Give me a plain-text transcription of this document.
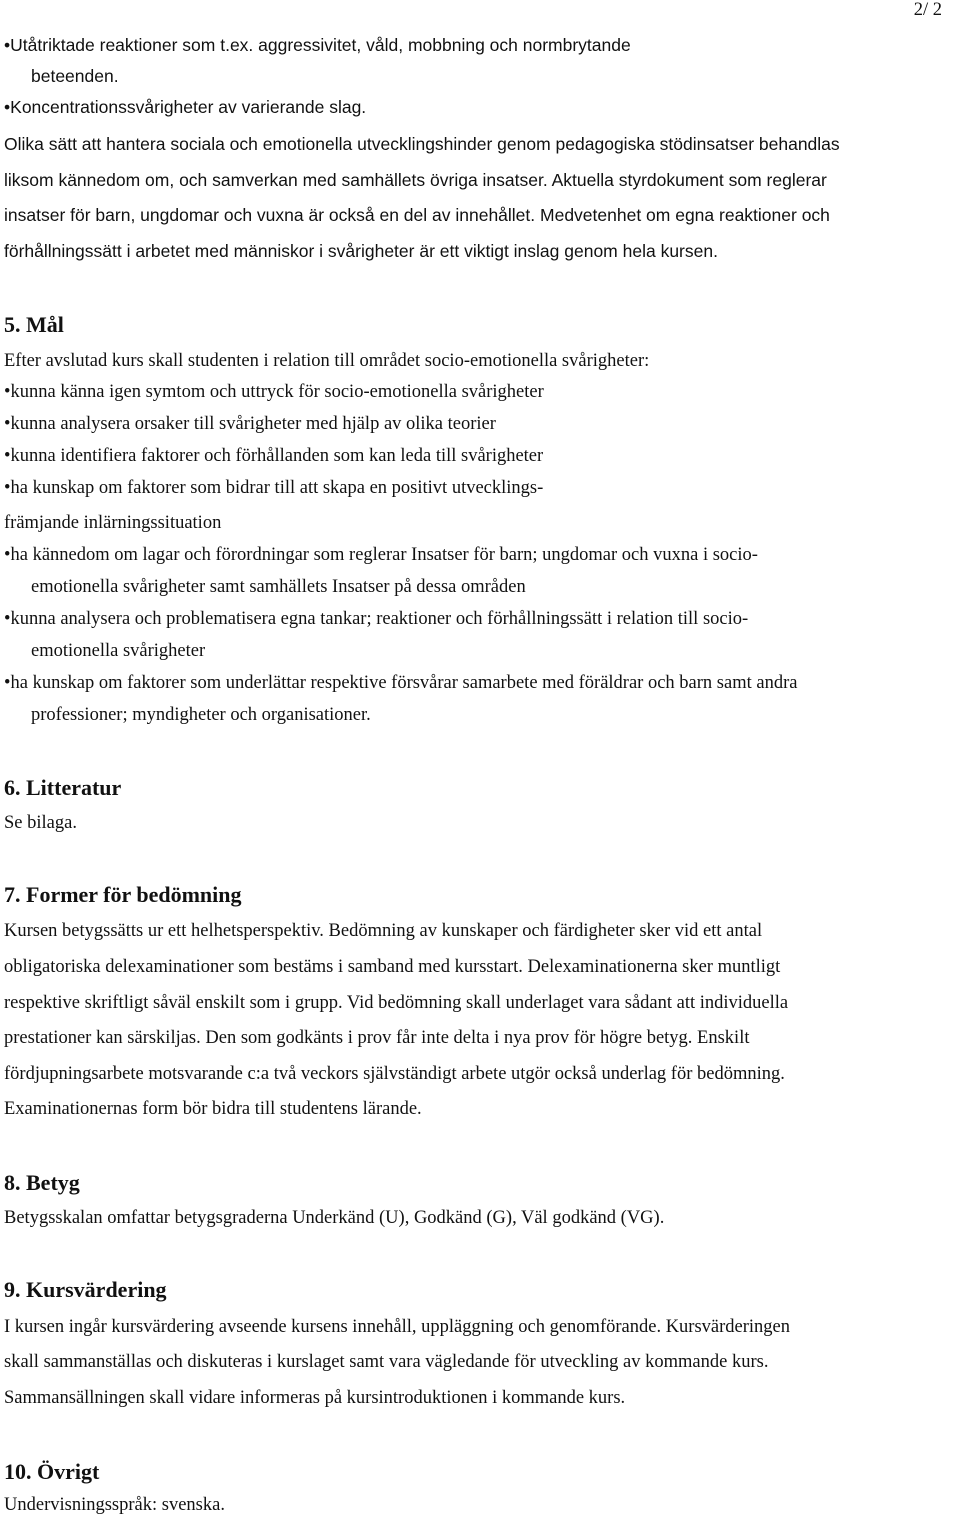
2/ 2

• Utåtriktade reaktioner som t.ex. aggressivitet, våld, mobbning och normbrytande

beteenden.

• Koncentrationssvårigheter av varierande slag.

Olika sätt att hantera sociala och emotionella utvecklingshinder genom pedagogiska stödinsatser behandlas

liksom kännedom om, och samverkan med samhällets övriga insatser. Aktuella styrdokument som reglerar

insatser för barn, ungdomar och vuxna är också en del av innehållet. Medvetenhet om egna reaktioner och

förhållningssätt i arbetet med människor i svårigheter är ett viktigt inslag genom hela kursen.

5. Mål

Efter avslutad kurs skall studenten i relation till området socio-emotionella svårigheter:

• kunna känna igen symtom och uttryck för socio-emotionella svårigheter

• kunna analysera orsaker till svårigheter med hjälp av olika teorier

• kunna identifiera faktorer och förhållanden som kan leda till svårigheter

• ha kunskap om faktorer som bidrar till att skapa en positivt utvecklings-

främjande inlärningssituation

• ha kännedom om lagar och förordningar som reglerar Insatser för barn; ungdomar och vuxna i socio-

emotionella svårigheter samt samhällets Insatser på dessa områden

• kunna analysera och problematisera egna tankar; reaktioner och förhållningssätt i relation till socio-

emotionella svårigheter

• ha kunskap om faktorer som underlättar respektive försvårar samarbete med föräldrar och barn samt andra

professioner; myndigheter och organisationer.

6. Litteratur

Se bilaga.

7. Former för bedömning

Kursen betygssätts ur ett helhetsperspektiv. Bedömning av kunskaper och färdigheter sker vid ett antal

obligatoriska delexaminationer som bestäms i samband med kursstart. Delexaminationerna sker muntligt

respektive skriftligt såväl enskilt som i grupp. Vid bedömning skall underlaget vara sådant att individuella

prestationer kan särskiljas. Den som godkänts i prov får inte delta i nya prov för högre betyg. Enskilt

fördjupningsarbete motsvarande c:a två veckors självständigt arbete utgör också underlag för bedömning.

Examinationernas form bör bidra till studentens lärande.

8. Betyg

Betygsskalan omfattar betygsgraderna Underkänd (U), Godkänd (G), Väl godkänd (VG).

9. Kursvärdering

I kursen ingår kursvärdering avseende kursens innehåll, uppläggning och genomförande. Kursvärderingen

skall sammanställas och diskuteras i kurslaget samt vara vägledande för utveckling av kommande kurs.

Sammansällningen skall vidare informeras på kursintroduktionen i kommande kurs.

10. Övrigt

Undervisningsspråk: svenska.
